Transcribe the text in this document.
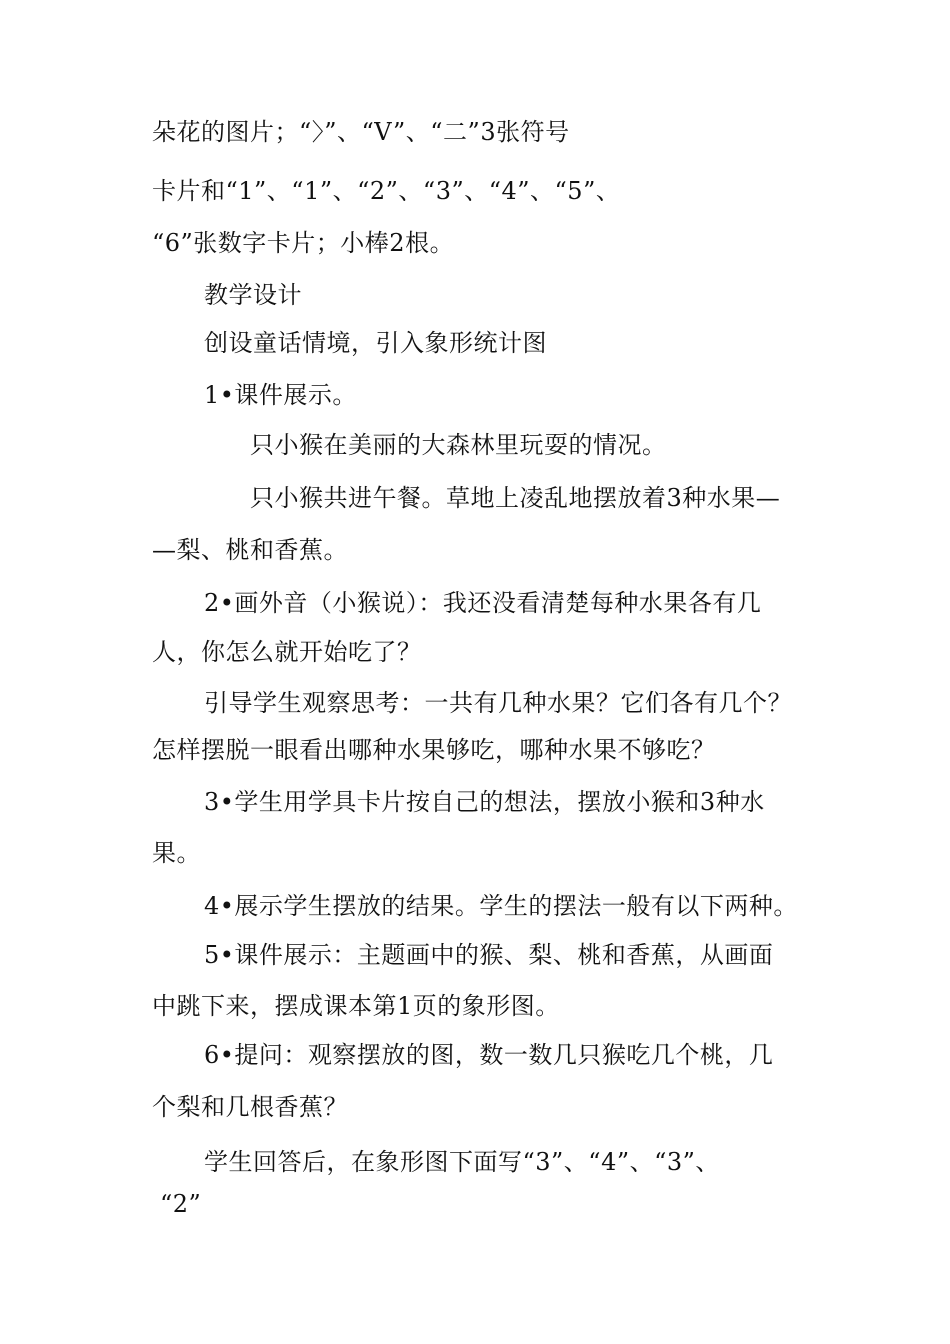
朵花的图片；“〉”、“V”、“二”3张符号
卡片和“1”、“1”、“2”、“3”、“4”、“5”、
“6”张数字卡片；小棒2根。
教学设计
创设童话情境，引入象形统计图
1•课件展示。
只小猴在美丽的大森林里玩耍的情况。
只小猴共进午餐。草地上凌乱地摆放着3种水果—
—梨、桃和香蕉。
2•画外音（小猴说）：我还没看清楚每种水果各有几
人，你怎么就开始吃了？
引导学生观察思考：一共有几种水果？它们各有几个？
怎样摆脱一眼看出哪种水果够吃，哪种水果不够吃？
3•学生用学具卡片按自己的想法，摆放小猴和3种水
果。
4•展示学生摆放的结果。学生的摆法一般有以下两种。
5•课件展示：主题画中的猴、梨、桃和香蕉，从画面
中跳下来，摆成课本第1页的象形图。
6•提问：观察摆放的图，数一数几只猴吃几个桃，几
个梨和几根香蕉？
学生回答后，在象形图下面写“3”、“4”、“3”、
“2”
